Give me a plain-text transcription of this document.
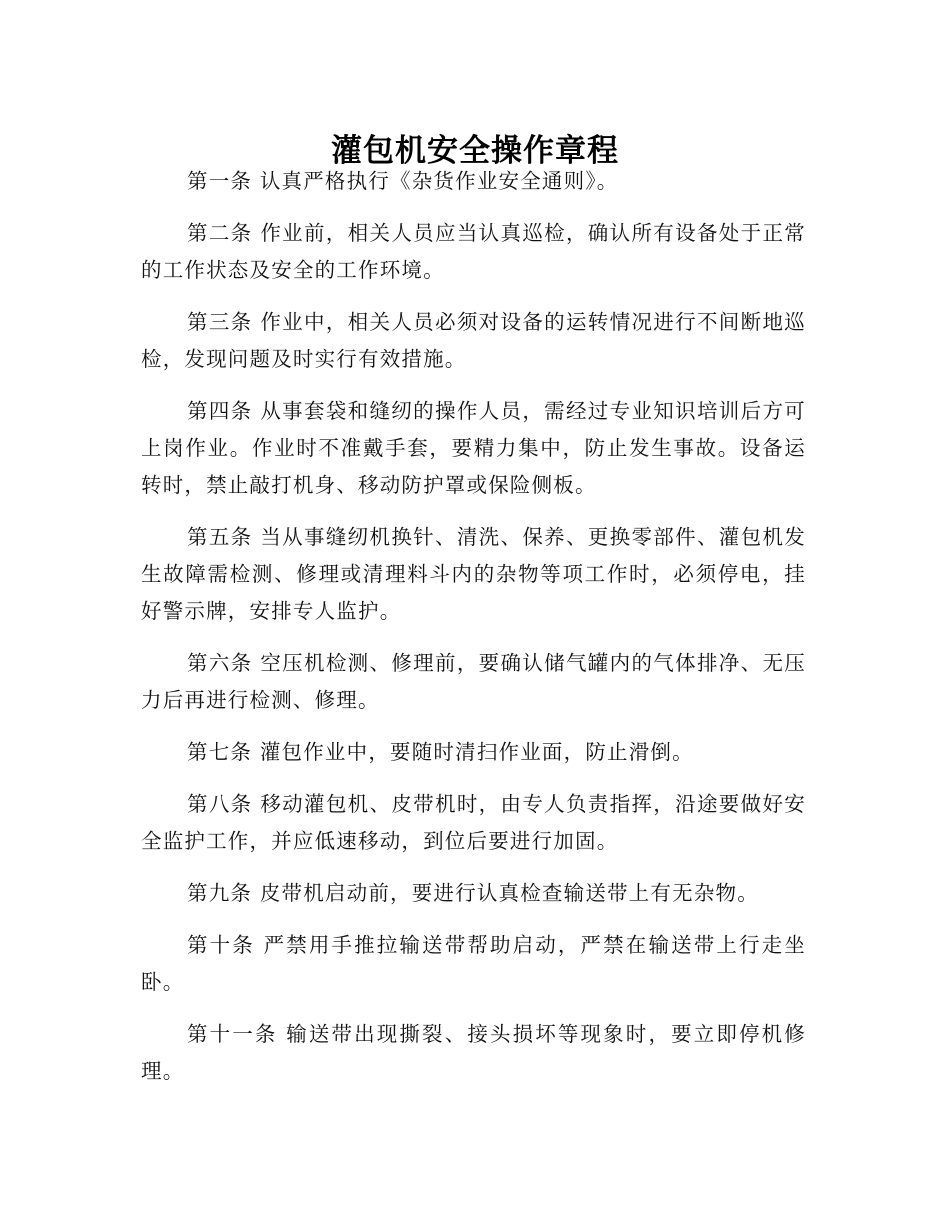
灌包机安全操作章程

第一条 认真严格执行《杂货作业安全通则》。

第二条 作业前，相关人员应当认真巡检，确认所有设备处于正常的工作状态及安全的工作环境。

第三条 作业中，相关人员必须对设备的运转情况进行不间断地巡检，发现问题及时实行有效措施。

第四条 从事套袋和缝纫的操作人员，需经过专业知识培训后方可上岗作业。作业时不准戴手套，要精力集中，防止发生事故。设备运转时，禁止敲打机身、移动防护罩或保险侧板。

第五条 当从事缝纫机换针、清洗、保养、更换零部件、灌包机发生故障需检测、修理或清理料斗内的杂物等项工作时，必须停电，挂好警示牌，安排专人监护。

第六条 空压机检测、修理前，要确认储气罐内的气体排净、无压力后再进行检测、修理。

第七条 灌包作业中，要随时清扫作业面，防止滑倒。

第八条 移动灌包机、皮带机时，由专人负责指挥，沿途要做好安全监护工作，并应低速移动，到位后要进行加固。

第九条 皮带机启动前，要进行认真检查输送带上有无杂物。

第十条 严禁用手推拉输送带帮助启动，严禁在输送带上行走坐卧。

第十一条 输送带出现撕裂、接头损坏等现象时，要立即停机修理。
